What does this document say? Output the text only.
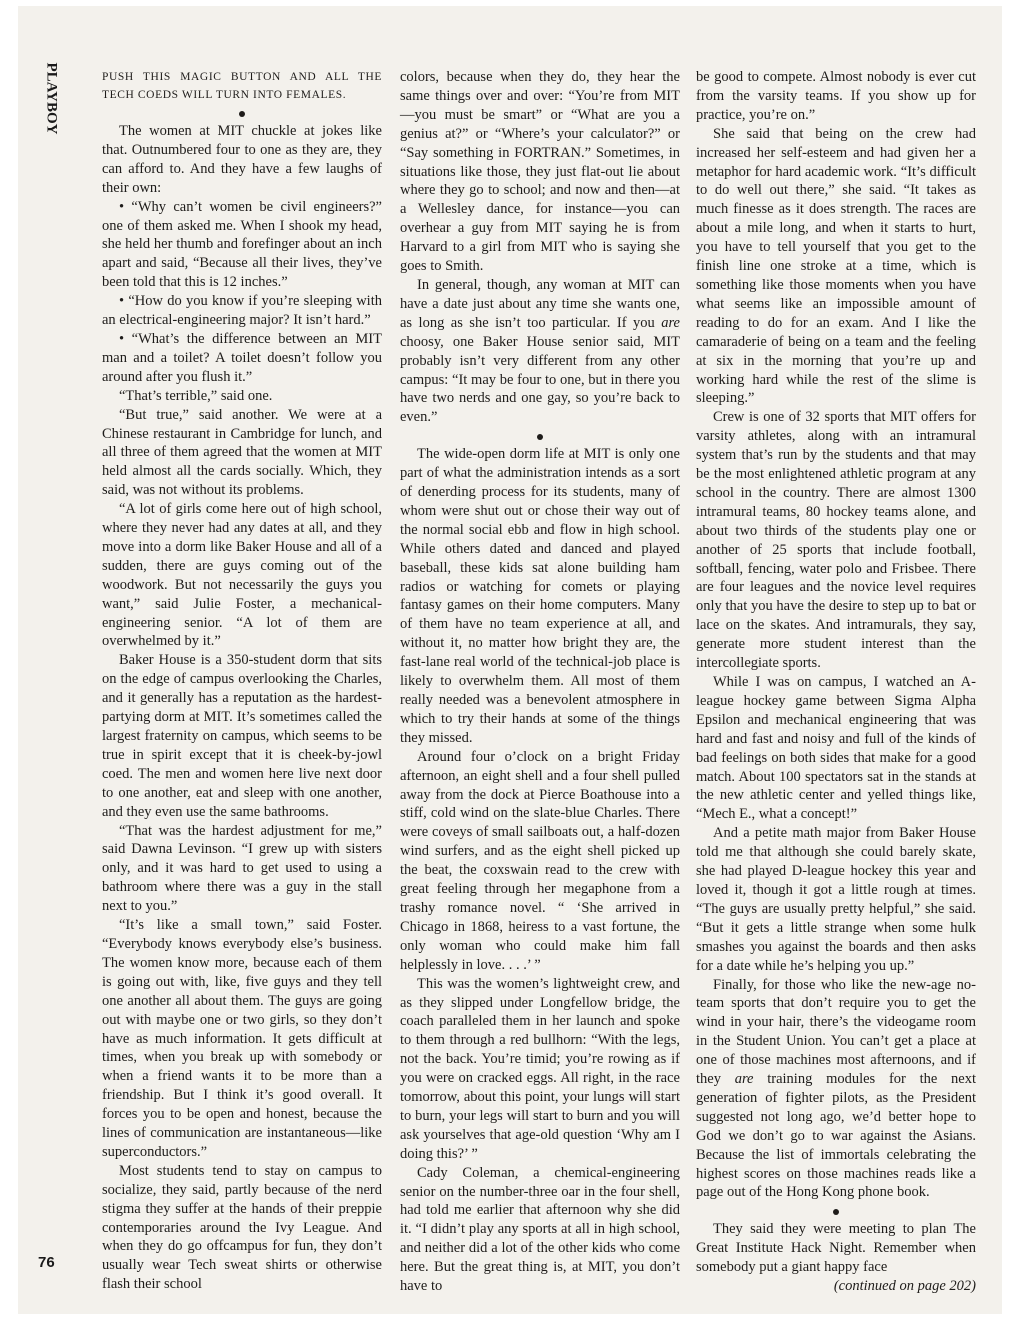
PLAYBOY
76

PUSH THIS MAGIC BUTTON AND ALL THE TECH COEDS WILL TURN INTO FEMALES.

The women at MIT chuckle at jokes like that. Outnumbered four to one as they are, they can afford to. And they have a few laughs of their own:

• “Why can’t women be civil engineers?” one of them asked me. When I shook my head, she held her thumb and forefinger about an inch apart and said, “Because all their lives, they’ve been told that this is 12 inches.”

• “How do you know if you’re sleeping with an electrical-engineering major? It isn’t hard.”

• “What’s the difference between an MIT man and a toilet? A toilet doesn’t follow you around after you flush it.”

“That’s terrible,” said one.

“But true,” said another. We were at a Chinese restaurant in Cambridge for lunch, and all three of them agreed that the women at MIT held almost all the cards socially. Which, they said, was not without its problems.

“A lot of girls come here out of high school, where they never had any dates at all, and they move into a dorm like Baker House and all of a sudden, there are guys coming out of the woodwork. But not necessarily the guys you want,” said Julie Foster, a mechanical-engineering senior. “A lot of them are overwhelmed by it.”

Baker House is a 350-student dorm that sits on the edge of campus overlooking the Charles, and it generally has a reputation as the hardest-partying dorm at MIT. It’s sometimes called the largest fraternity on campus, which seems to be true in spirit except that it is cheek-by-jowl coed. The men and women here live next door to one another, eat and sleep with one another, and they even use the same bathrooms.

“That was the hardest adjustment for me,” said Dawna Levinson. “I grew up with sisters only, and it was hard to get used to using a bathroom where there was a guy in the stall next to you.”

“It’s like a small town,” said Foster. “Everybody knows everybody else’s business. The women know more, because each of them is going out with, like, five guys and they tell one another all about them. The guys are going out with maybe one or two girls, so they don’t have as much information. It gets difficult at times, when you break up with somebody or when a friend wants it to be more than a friendship. But I think it’s good overall. It forces you to be open and honest, because the lines of communication are instantaneous—like superconductors.”

Most students tend to stay on campus to socialize, they said, partly because of the nerd stigma they suffer at the hands of their preppie contemporaries around the Ivy League. And when they do go offcampus for fun, they don’t usually wear Tech sweat shirts or otherwise flash their school

colors, because when they do, they hear the same things over and over: “You’re from MIT—you must be smart” or “What are you a genius at?” or “Where’s your calculator?” or “Say something in FORTRAN.” Sometimes, in situations like those, they just flat-out lie about where they go to school; and now and then—at a Wellesley dance, for instance—you can overhear a guy from MIT saying he is from Harvard to a girl from MIT who is saying she goes to Smith.

In general, though, any woman at MIT can have a date just about any time she wants one, as long as she isn’t too particular. If you are choosy, one Baker House senior said, MIT probably isn’t very different from any other campus: “It may be four to one, but in there you have two nerds and one gay, so you’re back to even.”

The wide-open dorm life at MIT is only one part of what the administration intends as a sort of denerding process for its students, many of whom were shut out or chose their way out of the normal social ebb and flow in high school. While others dated and danced and played baseball, these kids sat alone building ham radios or watching for comets or playing fantasy games on their home computers. Many of them have no team experience at all, and without it, no matter how bright they are, the fast-lane real world of the technical-job place is likely to overwhelm them. All most of them really needed was a benevolent atmosphere in which to try their hands at some of the things they missed.

Around four o’clock on a bright Friday afternoon, an eight shell and a four shell pulled away from the dock at Pierce Boathouse into a stiff, cold wind on the slate-blue Charles. There were coveys of small sailboats out, a half-dozen wind surfers, and as the eight shell picked up the beat, the coxswain read to the crew with great feeling through her megaphone from a trashy romance novel. “ ‘She arrived in Chicago in 1868, heiress to a vast fortune, the only woman who could make him fall helplessly in love. . . .’ ”

This was the women’s lightweight crew, and as they slipped under Longfellow bridge, the coach paralleled them in her launch and spoke to them through a red bullhorn: “With the legs, not the back. You’re timid; you’re rowing as if you were on cracked eggs. All right, in the race tomorrow, about this point, your lungs will start to burn, your legs will start to burn and you will ask yourselves that age-old question ‘Why am I doing this?’ ”

Cady Coleman, a chemical-engineering senior on the number-three oar in the four shell, had told me earlier that afternoon why she did it. “I didn’t play any sports at all in high school, and neither did a lot of the other kids who come here. But the great thing is, at MIT, you don’t have to

be good to compete. Almost nobody is ever cut from the varsity teams. If you show up for practice, you’re on.”

She said that being on the crew had increased her self-esteem and had given her a metaphor for hard academic work. “It’s difficult to do well out there,” she said. “It takes as much finesse as it does strength. The races are about a mile long, and when it starts to hurt, you have to tell yourself that you get to the finish line one stroke at a time, which is something like those moments when you have what seems like an impossible amount of reading to do for an exam. And I like the camaraderie of being on a team and the feeling at six in the morning that you’re up and working hard while the rest of the slime is sleeping.”

Crew is one of 32 sports that MIT offers for varsity athletes, along with an intramural system that’s run by the students and that may be the most enlightened athletic program at any school in the country. There are almost 1300 intramural teams, 80 hockey teams alone, and about two thirds of the students play one or another of 25 sports that include football, softball, fencing, water polo and Frisbee. There are four leagues and the novice level requires only that you have the desire to step up to bat or lace on the skates. And intramurals, they say, generate more student interest than the intercollegiate sports.

While I was on campus, I watched an A-league hockey game between Sigma Alpha Epsilon and mechanical engineering that was hard and fast and noisy and full of the kinds of bad feelings on both sides that make for a good match. About 100 spectators sat in the stands at the new athletic center and yelled things like, “Mech E., what a concept!”

And a petite math major from Baker House told me that although she could barely skate, she had played D-league hockey this year and loved it, though it got a little rough at times. “The guys are usually pretty helpful,” she said. “But it gets a little strange when some hulk smashes you against the boards and then asks for a date while he’s helping you up.”

Finally, for those who like the new-age no-team sports that don’t require you to get the wind in your hair, there’s the videogame room in the Student Union. You can’t get a place at one of those machines most afternoons, and if they are training modules for the next generation of fighter pilots, as the President suggested not long ago, we’d better hope to God we don’t go to war against the Asians. Because the list of immortals celebrating the highest scores on those machines reads like a page out of the Hong Kong phone book.

They said they were meeting to plan The Great Institute Hack Night. Remember when somebody put a giant happy face

(continued on page 202)
